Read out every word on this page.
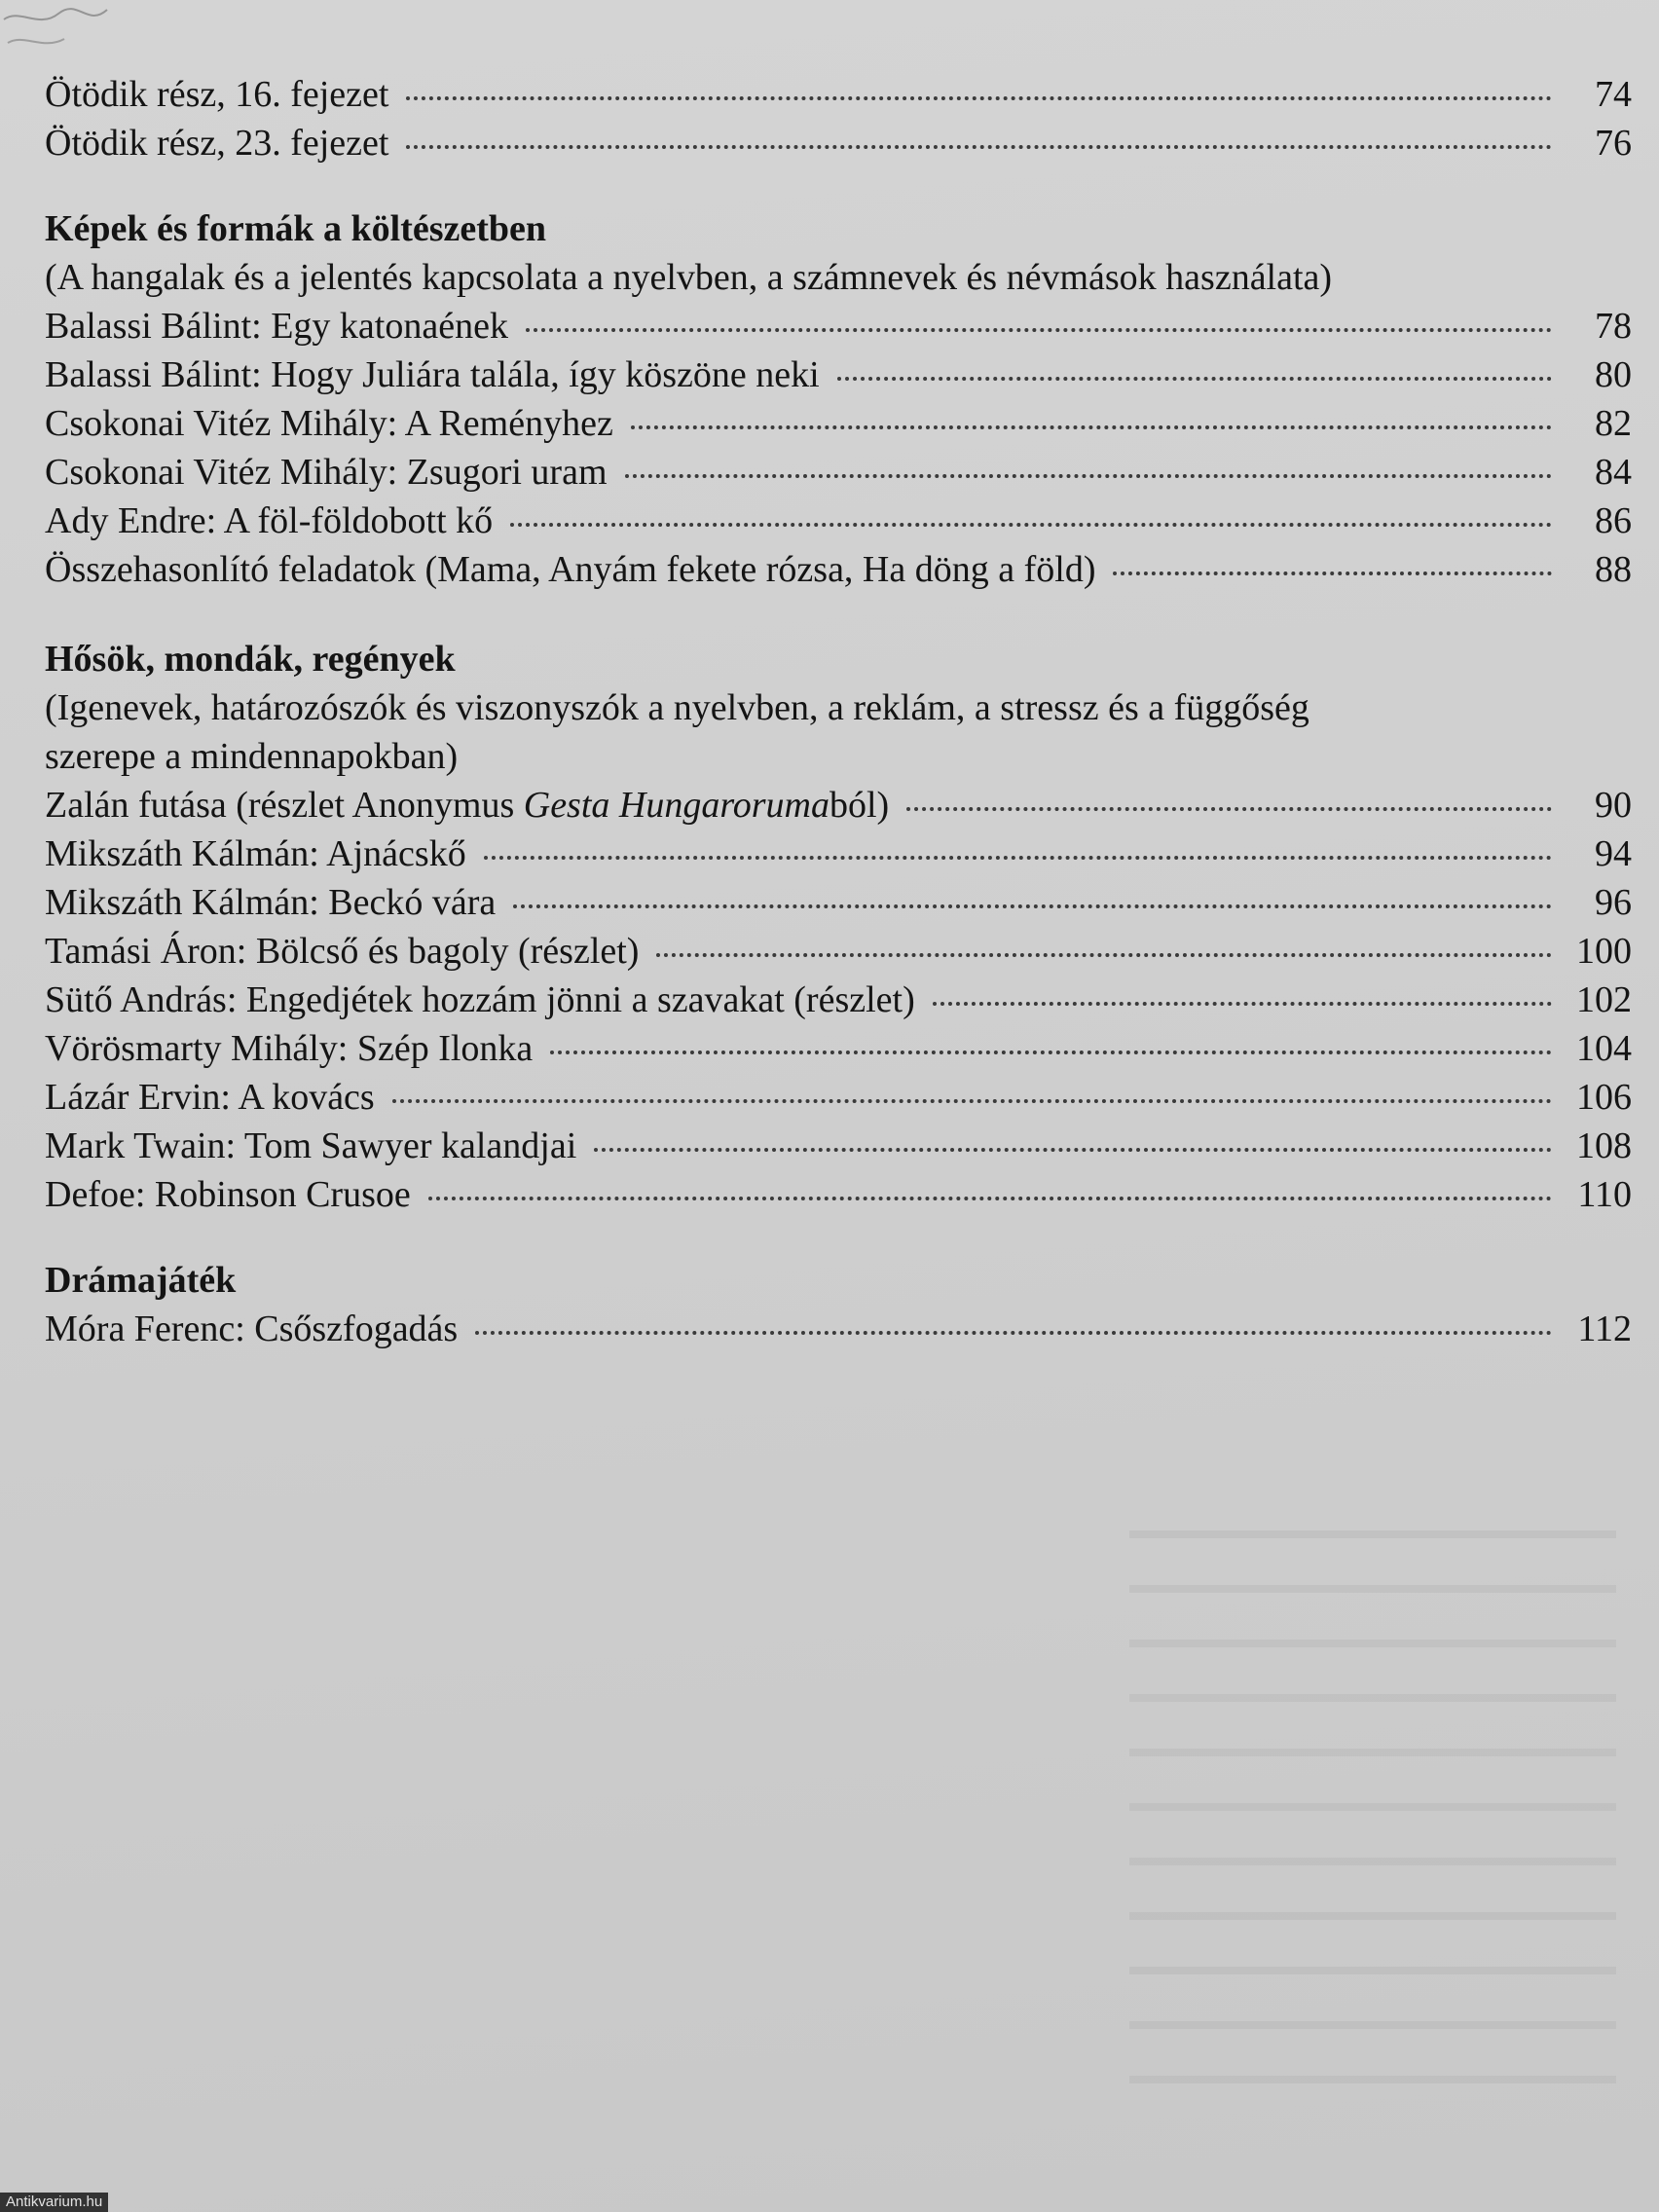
Ötödik rész, 16. fejezet	74
Ötödik rész, 23. fejezet	76
Képek és formák a költészetben
(A hangalak és a jelentés kapcsolata a nyelvben, a számnevek és névmások használata)
Balassi Bálint: Egy katonaének	78
Balassi Bálint: Hogy Juliára talála, így köszöne neki	80
Csokonai Vitéz Mihály: A Reményhez	82
Csokonai Vitéz Mihály: Zsugori uram	84
Ady Endre: A föl-földobott kő	86
Összehasonlító feladatok (Mama, Anyám fekete rózsa, Ha döng a föld)	88
Hősök, mondák, regények
(Igenevek, határozószók és viszonyszók a nyelvben, a reklám, a stressz és a függőség
szerepe a mindennapokban)
Zalán futása (részlet Anonymus Gesta Hungarorumaból)	90
Mikszáth Kálmán: Ajnácskő	94
Mikszáth Kálmán: Beckó vára	96
Tamási Áron: Bölcső és bagoly (részlet)	100
Sütő András: Engedjétek hozzám jönni a szavakat (részlet)	102
Vörösmarty Mihály: Szép Ilonka	104
Lázár Ervin: A kovács	106
Mark Twain: Tom Sawyer kalandjai	108
Defoe: Robinson Crusoe	110
Drámajáték
Móra Ferenc: Csőszfogadás	112
Antikvarium.hu
